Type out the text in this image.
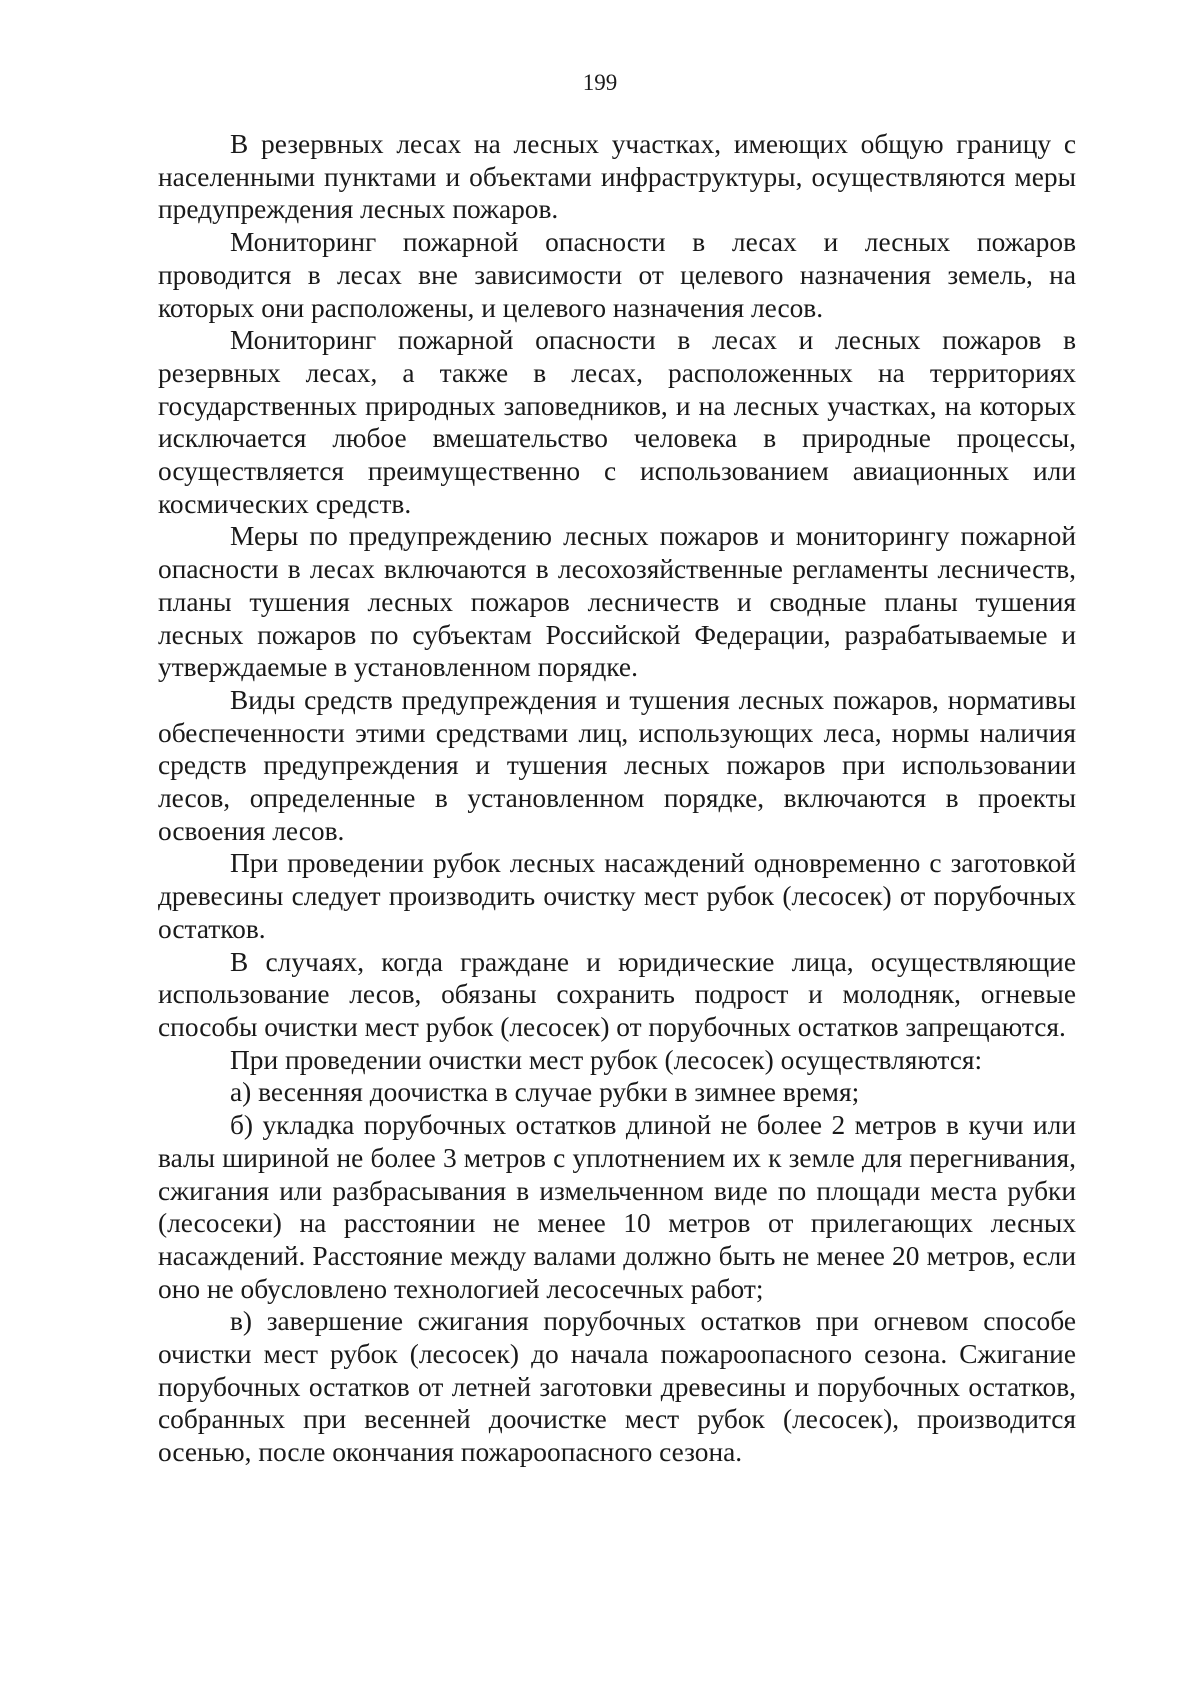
199

В резервных лесах на лесных участках, имеющих общую границу с населенными пунктами и объектами инфраструктуры, осуществляются меры предупреждения лесных пожаров.

Мониторинг пожарной опасности в лесах и лесных пожаров проводится в лесах вне зависимости от целевого назначения земель, на которых они расположены, и целевого назначения лесов.

Мониторинг пожарной опасности в лесах и лесных пожаров в резервных лесах, а также в лесах, расположенных на территориях государственных природных заповедников, и на лесных участках, на которых исключается любое вмешательство человека в природные процессы, осуществляется преимущественно с использованием авиационных или космических средств.

Меры по предупреждению лесных пожаров и мониторингу пожарной опасности в лесах включаются в лесохозяйственные регламенты лесничеств, планы тушения лесных пожаров лесничеств и сводные планы тушения лесных пожаров по субъектам Российской Федерации, разрабатываемые и утверждаемые в установленном порядке.

Виды средств предупреждения и тушения лесных пожаров, нормативы обеспеченности этими средствами лиц, использующих леса, нормы наличия средств предупреждения и тушения лесных пожаров при использовании лесов, определенные в установленном порядке, включаются в проекты освоения лесов.

При проведении рубок лесных насаждений одновременно с заготовкой древесины следует производить очистку мест рубок (лесосек) от порубочных остатков.

В случаях, когда граждане и юридические лица, осуществляющие использование лесов, обязаны сохранить подрост и молодняк, огневые способы очистки мест рубок (лесосек) от порубочных остатков запрещаются.

При проведении очистки мест рубок (лесосек) осуществляются:

а) весенняя доочистка в случае рубки в зимнее время;

б) укладка порубочных остатков длиной не более 2 метров в кучи или валы шириной не более 3 метров с уплотнением их к земле для перегнивания, сжигания или разбрасывания в измельченном виде по площади места рубки (лесосеки) на расстоянии не менее 10 метров от прилегающих лесных насаждений. Расстояние между валами должно быть не менее 20 метров, если оно не обусловлено технологией лесосечных работ;

в) завершение сжигания порубочных остатков при огневом способе очистки мест рубок (лесосек) до начала пожароопасного сезона. Сжигание порубочных остатков от летней заготовки древесины и порубочных остатков, собранных при весенней доочистке мест рубок (лесосек), производится осенью, после окончания пожароопасного сезона.
